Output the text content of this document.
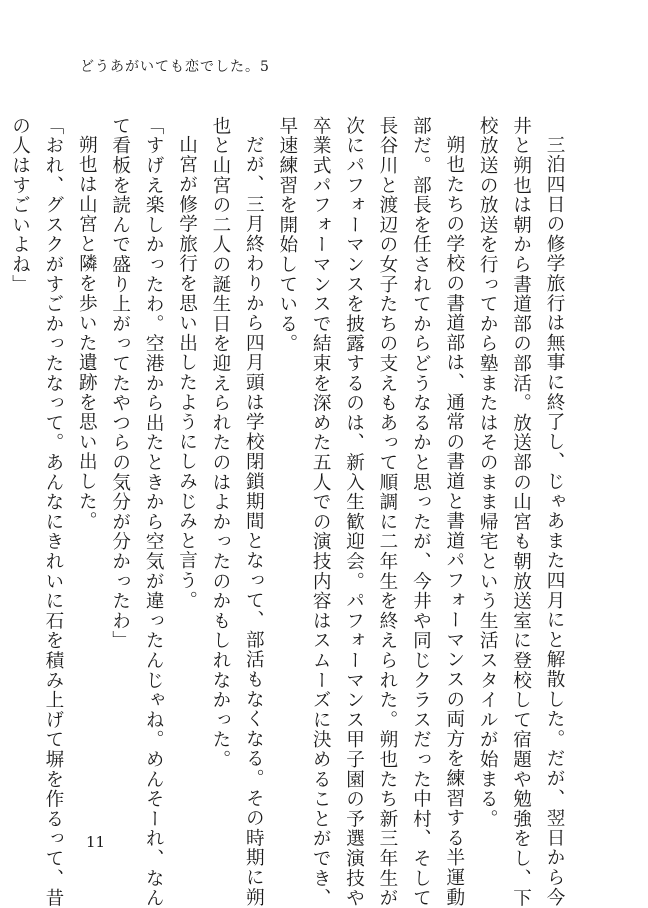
どうあがいても恋でした。5

三泊四日の修学旅行は無事に終了し、じゃあまた四月にと解散した。だが、翌日から今

井と朔也は朝から書道部の部活。放送部の山宮も朝放送室に登校して宿題や勉強をし、下

校放送の放送を行ってから塾またはそのまま帰宅という生活スタイルが始まる。

朔也たちの学校の書道部は、通常の書道と書道パフォーマンスの両方を練習する半運動

部だ。部長を任されてからどうなるかと思ったが、今井や同じクラスだった中村、そして

長谷川と渡辺の女子たちの支えもあって順調に二年生を終えられた。朔也たち新三年生が

次にパフォーマンスを披露するのは、新入生歓迎会。パフォーマンス甲子園の予選演技や

卒業式パフォーマンスで結束を深めた五人での演技内容はスムーズに決めることができ、

早速練習を開始している。

だが、三月終わりから四月頭は学校閉鎖期間となって、部活もなくなる。その時期に朔

也と山宮の二人の誕生日を迎えられたのはよかったのかもしれなかった。

山宮が修学旅行を思い出したようにしみじみと言う。

「すげえ楽しかったわ。空港から出たときから空気が違ったんじゃね。めんそーれ、なん

て看板を読んで盛り上がってたやつらの気分が分かったわ」

朔也は山宮と隣を歩いた遺跡を思い出した。

「おれ、グスクがすごかったなって。あんなにきれいに石を積み上げて塀を作るって、昔

の人はすごいよね」

11
